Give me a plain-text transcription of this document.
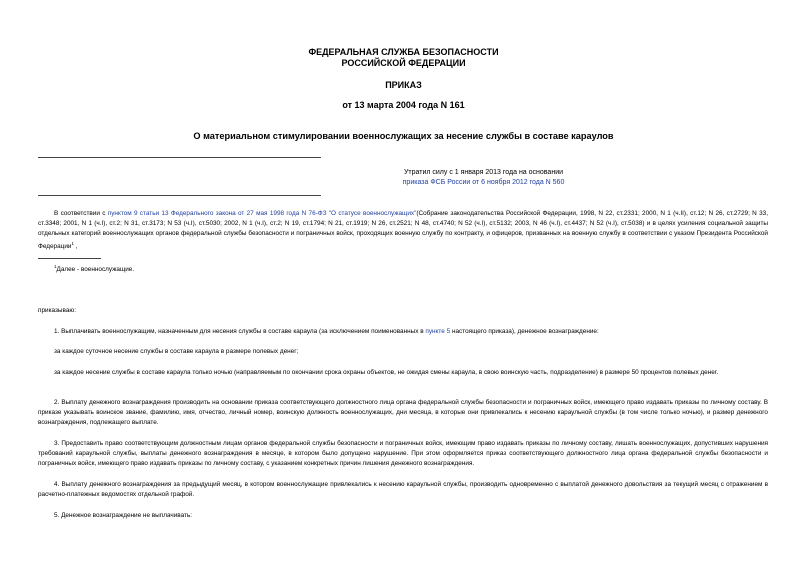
ФЕДЕРАЛЬНАЯ СЛУЖБА БЕЗОПАСНОСТИ
РОССИЙСКОЙ ФЕДЕРАЦИИ
ПРИКАЗ
от 13 марта 2004 года N 161
О материальном стимулировании военнослужащих за несение службы в составе караулов
Утратил силу с 1 января 2013 года на основании
приказа ФСБ России от 6 ноября 2012 года N 560
В соответствии с пунктом 9 статьи 13 Федерального закона от 27 мая 1998 года N 76-ФЗ "О статусе военнослужащих"(Собрание законодательства Российской Федерации, 1998, N 22, ст.2331; 2000, N 1 (ч.II), ст.12; N 26, ст.2729; N 33, ст.3348; 2001, N 1 (ч.I), ст.2; N 31, ст.3173; N 53 (ч.I), ст.5030; 2002, N 1 (ч.I), ст.2; N 19, ст.1794; N 21, ст.1919; N 26, ст.2521; N 48, ст.4740; N 52 (ч.I), ст.5132; 2003, N 46 (ч.I), ст.4437; N 52 (ч.I), ст.5038) и в целях усиления социальной защиты отдельных категорий военнослужащих органов федеральной службы безопасности и пограничных войск, проходящих военную службу по контракту, и офицеров, призванных на военную службу в соответствии с указом Президента Российской Федерации$^1$ ,
$^1$Далее - военнослужащие.
приказываю:
1. Выплачивать военнослужащим, назначенным для несения службы в составе караула (за исключением поименованных в пункте 5 настоящего приказа), денежное вознаграждение:
за каждое суточное несение службы в составе караула в размере полевых денег;
за каждое несение службы в составе караула только ночью (направляемым по окончании срока охраны объектов, не ожидая смены караула, в свою воинскую часть, подразделение) в размере 50 процентов полевых денег.
2. Выплату денежного вознаграждения производить на основании приказа соответствующего должностного лица органа федеральной службы безопасности и пограничных войск, имеющего право издавать приказы по личному составу. В приказе указывать воинское звание, фамилию, имя, отчество, личный номер, воинскую должность военнослужащих, дни месяца, в которые они привлекались к несению караульной службы (в том числе только ночью), и размер денежного вознаграждения, подлежащего выплате.
3. Предоставить право соответствующим должностным лицам органов федеральной службы безопасности и пограничных войск, имеющим право издавать приказы по личному составу, лишать военнослужащих, допустивших нарушения требований караульной службы, выплаты денежного вознаграждения в месяце, в котором было допущено нарушение. При этом оформляется приказ соответствующего должностного лица органа федеральной службы безопасности и пограничных войск, имеющего право издавать приказы по личному составу, с указанием конкретных причин лишения денежного вознаграждения.
4. Выплату денежного вознаграждения за предыдущий месяц, в котором военнослужащие привлекались к несению караульной службы, производить одновременно с выплатой денежного довольствия за текущий месяц с отражением в расчетно-платежных ведомостях отдельной графой.
5. Денежное вознаграждение не выплачивать:
